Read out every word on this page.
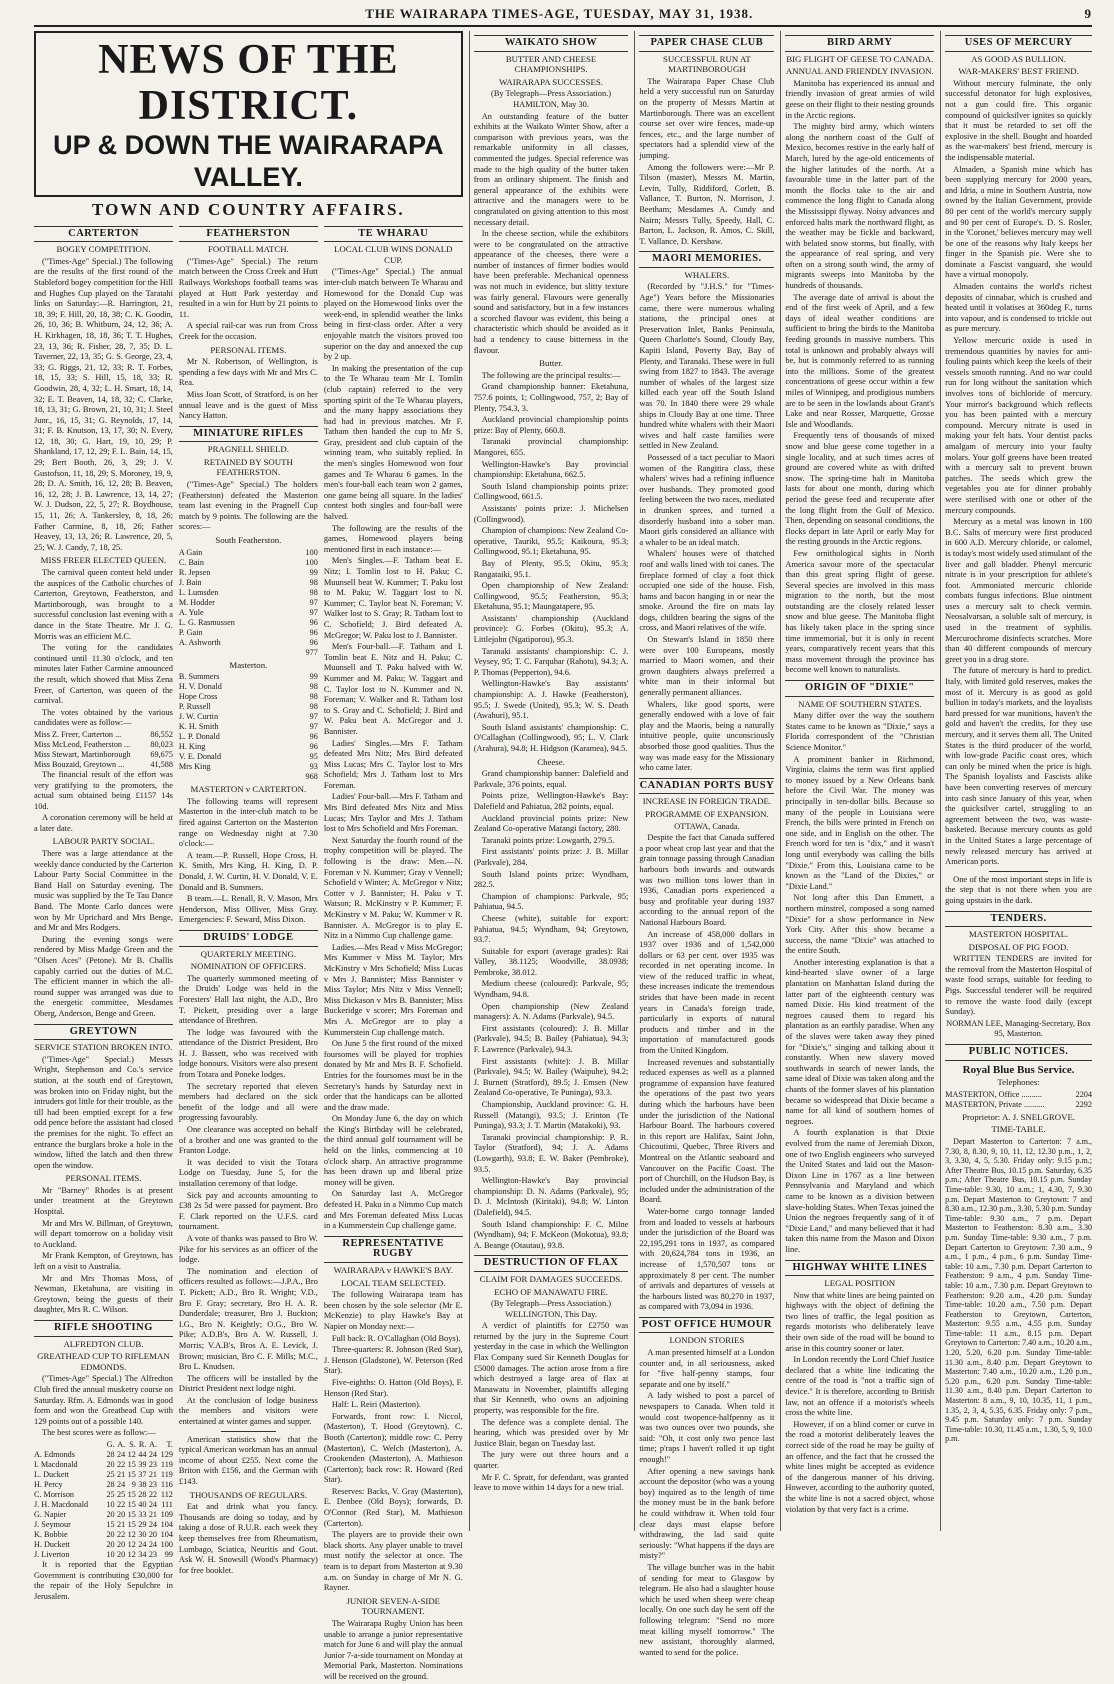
THE WAIRARAPA TIMES-AGE, TUESDAY, MAY 31, 1938.	9
NEWS OF THE DISTRICT.
UP & DOWN THE WAIRARAPA VALLEY.
TOWN AND COUNTRY AFFAIRS.
CARTERTON
BOGEY COMPETITION.

("Times-Age" Special.) The following are the results of the first round of the Stableford bogey competition for the Hill and Hughes Cup played on the Taratahi links on Saturday:—R. Harrington, 21, 18, 39; F. Hill, 20, 18, 38; C. K. Goodin, 26, 10, 36; B. Whitburn, 24, 12, 36; A. H. Kirkhagen, 18, 18, 36; T. T. Hughes, 23, 13, 36; R. Fisher, 28, 7, 35; D. L. Taverner, 22, 13, 35; G. S. George, 23, 4, 33; G. Riggs, 21, 12, 33; R. T. Forbes, 18, 15, 33; S. Hill, 15, 18, 33; R. Goodwin, 28, 4, 32; L. H. Smart, 18, 14, 32; E. T. Beaven, 14, 18, 32; C. Clarke, 18, 13, 31; G. Brown, 21, 10, 31; J. Steel Junr., 16, 15, 31; G. Reynolds, 17, 14, 31; F. B. Knutson, 13, 17, 30; N. Every, 12, 18, 30; G. Hart, 19, 10, 29; P. Shankland, 17, 12, 29; F. L. Bain, 14, 15, 29; Bert Booth, 26, 3, 29; J. V. Gustofson, 11, 18, 29; S. Moroney, 19, 9, 28; D. A. Smith, 16, 12, 28; B. Beaven, 16, 12, 28; J. B. Lawrence, 13, 14, 27; W. J. Dudson, 22, 5, 27; R. Boydhouse, 15, 11, 26; A. Tankersley, 8, 18, 26; Father Carmine, 8, 18, 26; Father Heavey, 13, 13, 26; R. Lawrence, 20, 5, 25; W. J. Candy, 7, 18, 25.

MISS FREER ELECTED QUEEN.

The carnival queen contest held under the auspices of the Catholic churches of Carterton, Greytown, Featherston, and Martinborough, was brought to a successful conclusion last evening with a dance in the State Theatre. Mr J. G. Morris was an efficient M.C.

The voting for the candidates continued until 11.30 o'clock, and ten minutes later Father Carmine announced the result, which showed that Miss Zena Freer, of Carterton, was queen of the carnival.

The votes obtained by the various candidates were as follow:—

Miss Z. Freer, Carterton ...	86,552
Miss McLeod, Featherston ...	80,023
Miss Stewart, Martinborough	69,675
Miss Bouzaid, Greytown ...	41,588

The financial result of the effort was very gratifying to the promoters, the actual sum obtained being £1157 14s 10d.

A coronation ceremony will be held at a later date.

LABOUR PARTY SOCIAL.

There was a large attendance at the weekly dance conducted by the Carterton Labour Party Social Committee in the Band Hall on Saturday evening. The music was supplied by the Te Tau Dance Band. The Monte Carlo dances were won by Mr Uprichard and Mrs Benge, and Mr and Mrs Rodgers.

During the evening songs were rendered by Miss Madge Green and the "Olsen Aces" (Petone). Mr B. Challis capably carried out the duties of M.C. The efficient manner in which the all-round supper was arranged was due to the energetic committee, Mesdames Oberg, Anderson, Benge and Green.

GREYTOWN
SERVICE STATION BROKEN INTO.

("Times-Age" Special.) Messrs Wright, Stephenson and Co.'s service station, at the south end of Greytown, was broken into on Friday night, but the intruders got little for their trouble, as the till had been emptied except for a few odd pence before the assistant had closed the premises for the night. To effect an entrance the burglars broke a hole in the window, lifted the latch and then threw open the window.

PERSONAL ITEMS.

Mr "Barney" Rhodes is at present under treatment at the Greytown Hospital.

Mr and Mrs W. Billman, of Greytown, will depart tomorrow on a holiday visit to Auckland.

Mr Frank Kempton, of Greytown, has left on a visit to Australia.

Mr and Mrs Thomas Moss, of Newman, Eketahuna, are visiting in Greytown, being the guests of their daughter, Mrs R. C. Wilson.

RIFLE SHOOTING
ALFREDTON CLUB.
GREATHEAD CUP TO RIFLEMAN EDMONDS.

("Times-Age" Special.) The Alfredton Club fired the annual musketry course on Saturday. Rfm. A. Edmonds was in good form and won the Greathead Cup with 129 points out of a possible 140.

The best scores were as follow:—

	G.	A.	S.	R.	A.	T.
A. Edmonds	28	24	12	44	24	129
I. Macdonald	20	22	15	39	23	119
L. Duckett	25	21	15	37	21	119
H. Percy	28	24	9	38	23	116
C. Morrison	25	25	15	28	22	112
J. H. Macdonald	10	22	15	40	24	111
G. Napier	20	20	15	33	21	109
J. Seymour	15	21	15	29	24	104
K. Bobbie	20	22	12	30	20	104
H. Duckett	20	20	12	24	24	100
J. Liverton	10	20	12	34	23	99

It is reported that the Egyptian Government is contributing £30,000 for the repair of the Holy Sepulchre in Jerusalem.

FEATHERSTON
FOOTBALL MATCH.

("Times-Age" Special.) The return match between the Cross Creek and Hutt Railways Workshops football teams was played at Hutt Park yesterday and resulted in a win for Hutt by 21 points to 11.

A special rail-car was run from Cross Creek for the occasion.

PERSONAL ITEMS.

Mr N. Robertson, of Wellington, is spending a few days with Mr and Mrs C. Rea.

Miss Joan Scott, of Stratford, is on her annual leave and is the guest of Miss Nancy Hatton.

MINIATURE RIFLES
PRAGNELL SHIELD.
RETAINED BY SOUTH FEATHERSTON.

("Times-Age" Special.) The holders (Featherston) defeated the Masterton team last evening in the Pragnell Cup match by 9 points. The following are the scores:—

South Featherston.
A Gain	100
C. Bain	100
R. Jepsen	99
J. Bain	98
L. Lumsden	98
M. Hodder	97
A. Yule	97
L. G. Rasmussen	96
P. Gain	96
A. Ashworth	96
	977
Masterton.
B. Summers	99
H. V. Donald	98
Hope Cross	98
P. Russell	98
J. W. Curtin	97
K. H. Smith	97
L. P. Donald	96
H. King	96
V. E. Donald	95
Mrs King	93
	968
MASTERTON v CARTERTON.

The following teams will represent Masterton in the inter-club match to be fired against Carterton on the Masterton range on Wednesday night at 7.30 o'clock:—

A team.—P. Russell, Hope Cross, H. K. Smith, Mrs King, H. King, D. P. Donald, J. W. Curtin, H. V. Donald, V. E. Donald and B. Summers.

B team.—L. Renall, R. V. Mason, Mrs Henderson, Miss Olliver, Miss Gray. Emergencies: F. Seward, Miss Dixon.

DRUIDS' LODGE
QUARTERLY MEETING.
NOMINATION OF OFFICERS.

The quarterly summoned meeting of the Druids' Lodge was held in the Foresters' Hall last night, the A.D., Bro T. Pickett, presiding over a large attendance of Brethren.

The lodge was favoured with the attendance of the District President, Bro H. J. Bassett, who was received with lodge honours. Visitors were also present from Totara and Poneke lodges.

The secretary reported that eleven members had declared on the sick benefit of the lodge and all were progressing favourably.

One clearance was accepted on behalf of a brother and one was granted to the Franton Lodge.

It was decided to visit the Totara Lodge on Tuesday, June 5, for the installation ceremony of that lodge.

Sick pay and accounts amounting to £38 2s 5d were passed for payment. Bro F. Clark reported on the U.F.S. card tournament.

A vote of thanks was passed to Bro W. Pike for his services as an officer of the lodge.

The nomination and election of officers resulted as follows:—J.P.A., Bro T. Pickett; A.D., Bro R. Wright; V.D., Bro F. Gray; secretary, Bro H. A. R. Dunderdale; treasurer, Bro J. Buckton; I.G., Bro N. Keightly; O.G., Bro W. Pike; A.D.B's, Bro A. W. Russell, J. Morris; V.A.B's, Bros A. E. Levick, J. Brown; musician, Bro C. F. Mills; M.C., Bro L. Knudsen.

The officers will be installed by the District President next lodge night.

At the conclusion of lodge business the members and visitors were entertained at winter games and supper.

American statistics show that the typical American workman has an annual income of about £255. Next come the Briton with £156, and the German with £143.

THOUSANDS OF REGULARS.

Eat and drink what you fancy. Thousands are doing so today, and by taking a dose of R.U.R. each week they keep themselves free from Rheumatism, Lumbago, Sciatica, Neuritis and Gout. Ask W. H. Snowsill (Wood's Pharmacy) for free booklet.

TE WHARAU
LOCAL CLUB WINS DONALD CUP.

("Times-Age" Special.) The annual inter-club match between Te Wharau and Homewood for the Donald Cup was played on the Homewood links over the week-end, in splendid weather the links being in first-class order. After a very enjoyable match the visitors proved too superior on the day and annexed the cup by 2 up.

In making the presentation of the cup to the Te Wharau team Mr I. Tomlin (club captain) referred to the very sporting spirit of the Te Wharau players, and the many happy associations they had had in previous matches. Mr F. Tatham then handed the cup to Mr S. Gray, president and club captain of the winning team, who suitably replied. In the men's singles Homewood won four games and Te Wharau 6 games. In the men's four-ball each team won 2 games, one game being all square. In the ladies' contest both singles and four-ball were halved.

The following are the results of the games, Homewood players being mentioned first in each instance:—

Men's Singles.—F. Tatham beat E. Nitz; I. Tomlin lost to H. Paku; C. Muunsell beat W. Kummer; T. Paku lost to M. Paku; W. Taggart lost to N. Kummer; C. Taylor beat N. Foreman; V. Walker lost to S. Gray; R. Tatham lost to C. Schofield; J. Bird defeated A. McGregor; W. Paku lost to J. Bannister.

Men's Four-ball.—F. Tatham and I. Tomlin beat E. Nitz and H. Paku; C. Muunsell and T. Paku halved with W. Kummer and M. Paku; W. Taggart and C. Taylor lost to N. Kummer and N. Foreman; V. Walker and R. Tatham lost to S. Gray and C. Schofield; J. Bird and W. Paku beat A. McGregor and J. Bannister.

Ladies' Singles.—Mrs F. Tatham defeated Mrs Nitz; Mrs Bird defeated Miss Lucas; Mrs C. Taylor lost to Mrs Schofield; Mrs J. Tatham lost to Mrs Foreman.

Ladies' Four-ball.—Mrs F. Tatham and Mrs Bird defeated Mrs Nitz and Miss Lucas; Mrs Taylor and Mrs J. Tatham lost to Mrs Schofield and Mrs Foreman.

Next Saturday the fourth round of the trophy competition will be played. The following is the draw: Men.—N. Foreman v N. Kummer; Gray v Vennell; Schofield v Winter; A. McGregor v Nitz; Cotter v J. Bannister; H. Paku v T. Watson; R. McKinstry v P. Kummer; F. McKinstry v M. Paku; W. Kummer v R. Bannister. A. McGregor is to play E. Nitz in a Nimmo Cup challenge game.

Ladies.—Mrs Read v Miss McGregor; Mrs Kummer v Miss M. Taylor; Mrs McKinstry v Mrs Schofield; Miss Lucas v Mrs J. Bannister; Miss Bannister v Miss Taylor; Mrs Nitz v Miss Vennell; Miss Dickason v Mrs B. Bannister; Miss Buckeridge v scorer; Mrs Foreman and Mrs A. McGregor are to play a Kummerstein Cup challenge match.

On June 5 the first round of the mixed foursomes will be played for trophies donated by Mr and Mrs B. F. Schofield. Entries for the foursomes must be in the Secretary's hands by Saturday next in order that the handicaps can be allotted and the draw made.

On Monday June 6, the day on which the King's Birthday will be celebrated, the third annual golf tournament will be held on the links, commencing at 10 o'clock sharp. An attractive programme has been drawn up and liberal prize money will be given.

On Saturday last A. McGregor defeated H. Paku in a Nimmo Cup match and Mrs Foreman defeated Miss Lucas in a Kummerstein Cup challenge game.

REPRESENTATIVE RUGBY
WAIRARAPA v HAWKE'S BAY.
LOCAL TEAM SELECTED.

The following Wairarapa team has been chosen by the sole selector (Mr E. McKenzie) to play Hawke's Bay at Napier on Monday next:—

Full back: R. O'Callaghan (Old Boys).

Three-quarters: R. Johnson (Red Star), J. Henson (Gladstone), W. Peterson (Red Star).

Five-eighths: O. Hatton (Old Boys), F. Henson (Red Star).

Half: L. Reiri (Masterton).

Forwards, front row: I. Niccol, (Masterton), T. Hood (Greytown). C. Booth (Carterton); middle row: C. Perry (Masterton), C. Welch (Masterton), A. Crookenden (Masterton), A. Mathieson (Carterton); back row: R. Howard (Red Star).

Reserves: Backs, V. Gray (Masterton), E. Denbee (Old Boys); forwards, D. O'Connor (Red Star), M. Mathieson (Carterton).

The players are to provide their own black shorts. Any player unable to travel must notify the selector at once. The team is to depart from Masterton at 9.30 a.m. on Sunday in charge of Mr N. G. Rayner.

JUNIOR SEVEN-A-SIDE TOURNAMENT.

The Wairarapa Rugby Union has been unable to arrange a junior representative match for June 6 and will play the annual Junior 7-a-side tournament on Monday at Memorial Park, Masterton. Nominations will be received on the ground.

WAIKATO SHOW
BUTTER AND CHEESE CHAMPIONSHIPS.
WAIRARAPA SUCCESSES.

(By Telegraph—Press Association.) HAMILTON, May 30.

An outstanding feature of the butter exhibits at the Waikato Winter Show, after a comparison with previous years, was the remarkable uniformity in all classes, commented the judges. Special reference was made to the high quality of the butter taken from an ordinary shipment. The finish and general appearance of the exhibits were attractive and the managers were to be congratulated on giving attention to this most necessary detail.

In the cheese section, while the exhibitors were to be congratulated on the attractive appearance of the cheeses, there were a number of instances of firmer bodies would have been preferable. Mechanical openness was not much in evidence, but slitty texture was fairly general. Flavours were generally sound and satisfactory, but in a few instances a scorched flavour was evident, this being a characteristic which should be avoided as it had a tendency to cause bitterness in the flavour.

Butter.

The following are the principal results:—

Grand championship banner: Eketahuna, 757.6 points, 1; Collingwood, 757, 2; Bay of Plenty, 754.3, 3.

Auckland provincial championship points prize: Bay of Plenty, 660.8.

Taranaki provincial championship: Mangorei, 655.

Wellington-Hawke's Bay provincial championship: Eketahuna, 662.5.

South Island championship points prize: Collingwood, 661.5.

Assistants' points prize: J. Michelsen (Collingwood).

Champion of champions: New Zealand Co-operative, Tauriki, 95.5; Kaikoura, 95.3; Collingwood, 95.1; Eketahuna, 95.

Bay of Plenty, 95.5; Okitu, 95.3; Rangataiki, 95.1.

Open championship of New Zealand: Collingwood, 95.5; Featherston, 95.3; Eketahuna, 95.1; Maungatapere, 95.

Assistants' championship (Auckland province): G. Forbes (Okitu), 95.3; A. Littlejohn (Ngatiporou), 95.3.

Taranaki assistants' championship: C. J. Veysey, 95; T. C. Farquhar (Rahotu), 94.3; A. P. Thomas (Pepperton), 94.6.

Wellington-Hawke's Bay assistants' championship: A. J. Hawke (Featherston), 95.5; J. Swede (United), 95.3; W. S. Death (Awahuri), 95.1.

South Island assistants' championship: C. O'Callaghan (Collingwood), 95; L. V. Clark (Arahura), 94.8; H. Hidgson (Karamea), 94.5.

Cheese.

Grand championship banner: Dalefield and Parkvale, 376 points, equal.

Points prize, Wellington-Hawke's Bay: Dalefield and Pahiatua, 282 points, equal.

Auckland provincial points prize: New Zealand Co-operative Matangi factory, 280.

Taranaki points prize: Lowgarth, 279.5.

First assistants' points prize: J. B. Millar (Parkvale), 284.

South Island points prize: Wyndham, 282.5.

Champion of champions: Parkvale, 95; Pahiatua, 94.5.

Cheese (white), suitable for export: Pahiatua, 94.5; Wyndham, 94; Greytown, 93.7.

Suitable for export (average grades): Rai Valley, 38.1125; Woodville, 38.0938; Pembroke, 38.012.

Medium cheese (coloured): Parkvale, 95; Wyndham, 94.8.

Open championship (New Zealand managers): A. N. Adams (Parkvale), 94.5.

First assistants (coloured): J. B. Millar (Parkvale), 94.5; B. Bailey (Pahiatua), 94.3; F. Lawrence (Parkvale), 94.3.

First assistants (white): J. B. Millar (Parkvale), 94.5; W. Bailey (Waipuhe), 94.2; J. Burnett (Stratford), 89.5; J. Emsen (New Zealand Co-operative, Te Puninga), 93.3.

Championship, Auckland province: G. H. Russell (Matangi), 93.5; J. Erinton (Te Puninga), 93.3; J. T. Martin (Matakoki), 93.

Taranaki provincial championship: P. R. Taylor (Stratford), 94; J. A. Adams (Lowgarth), 93.8; E. W. Baker (Pembroke), 93.5.

Wellington-Hawke's Bay provincial championship: D. N. Adams (Parkvale), 95; D. J. McIntosh (Kiritaki), 94.8; W. Linton (Dalefield), 94.5.

South Island championship: F. C. Milne (Wyndham), 94; F. McKeon (Mokotua), 93.8; A. Beange (Otautau), 93.8.

DESTRUCTION OF FLAX
CLAIM FOR DAMAGES SUCCEEDS.
ECHO OF MANAWATU FIRE.

(By Telegraph—Press Association.) WELLINGTON, This Day.

A verdict of plaintiffs for £2750 was returned by the jury in the Supreme Court yesterday in the case in which the Wellington Flax Company sued Sir Kenneth Douglas for £5000 damages. The action arose from a fire which destroyed a large area of flax at Manawatu in November, plaintiffs alleging that Sir Kenneth, who owns an adjoining property, was responsible for the fire.

The defence was a complete denial. The hearing, which was presided over by Mr Justice Blair, began on Tuesday last.

The jury were out three hours and a quarter.

Mr F. C. Spratt, for defendant, was granted leave to move within 14 days for a new trial.

PAPER CHASE CLUB
SUCCESSFUL RUN AT MARTINBOROUGH

The Wairarapa Paper Chase Club held a very successful run on Saturday on the property of Messrs Martin at Martinborough. There was an excellent course set over wire fences, made-up fences, etc., and the large number of spectators had a splendid view of the jumping.

Among the followers were:—Mr P. Tilson (master), Messrs M. Martin, Levin, Tully, Riddiford, Corlett, B. Vallance, T. Burton, N. Morrison, J. Beetham; Mesdames A. Cundy and Nairn; Messrs Tully, Speedy, Hall, C. Barton, L. Jackson, R. Amos, C. Skill, T. Vallance, D. Kershaw.

MAORI MEMORIES.
WHALERS.

(Recorded by "J.H.S." for "Times-Age") Years before the Missionaries came, there were numerous whaling stations, the principal ones at Preservation Inlet, Banks Peninsula, Queen Charlotte's Sound, Cloudy Bay, Kapiti Island, Poverty Bay, Bay of Plenty, and Taranaki. These were in full swing from 1827 to 1843. The average number of whales of the largest size killed each year off the South Island was 70. In 1840 there were 29 whale ships in Cloudy Bay at one time. Three hundred white whalers with their Maori wives and half caste families were settled in New Zealand.

Possessed of a tact peculiar to Maori women of the Rangitira class, these whalers' wives had a refining influence over husbands. They promoted good feeling between the two races, mediated in drunken sprees, and turned a disorderly husband into a sober man. Maori girls considered an alliance with a whaler to be an ideal match.

Whalers' houses were of thatched roof and walls lined with toi canes. The fireplace formed of clay a foot thick occupied one side of the house. Fish, hams and bacon hanging in or near the smoke. Around the fire on mats lay dogs, children bearing the signs of the cross, and Maori relatives of the wife.

On Stewart's Island in 1850 there were over 100 Europeans, mostly married to Maori women, and their grown daughters always preferred a white man in their informal but generally permanent alliances.

Whalers, like good sports, were generally endowed with a love of fair play and the Maoris, being a naturally intuitive people, quite unconsciously absorbed those good qualities. Thus the way was made easy for the Missionary who came later.

CANADIAN PORTS BUSY
INCREASE IN FOREIGN TRADE.
PROGRAMME OF EXPANSION.

OTTAWA, Canada.

Despite the fact that Canada suffered a poor wheat crop last year and that the grain tonnage passing through Canadian harbours both inwards and outwards was two million tons lower than in 1936, Canadian ports experienced a busy and profitable year during 1937 according to the annual report of the National Harbours Board.

An increase of 458,000 dollars in 1937 over 1936 and of 1,542,000 dollars or 63 per cent. over 1935 was recorded in net operating income. In view of the reduced traffic in wheat, these increases indicate the tremendous strides that have been made in recent years in Canada's foreign trade, particularly in exports of natural products and timber and in the importation of manufactured goods from the United Kingdom.

Increased revenues and substantially reduced expenses as well as a planned programme of expansion have featured the operations of the past two years during which the harbours have been under the jurisdiction of the National Harbour Board. The harbours covered in this report are Halifax, Saint John, Chicoutimi, Quebec, Three Rivers and Montreal on the Atlantic seaboard and Vancouver on the Pacific Coast. The port of Churchill, on the Hudson Bay, is included under the administration of the Board.

Water-borne cargo tonnage landed from and loaded to vessels at harbours under the jurisdiction of the Board was 22,195,291 tons in 1937, as compared with 20,624,784 tons in 1936, an increase of 1,570,507 tons or approximately 8 per cent. The number of arrivals and departures of vessels at the harbours listed was 80,270 in 1937, as compared with 73,094 in 1936.

POST OFFICE HUMOUR
LONDON STORIES

A man presented himself at a London counter and, in all seriousness, asked for "five half-penny stamps, four separate and one by itself."

A lady wished to post a parcel of newspapers to Canada. When told it would cost twopence-halfpenny as it was two ounces over two pounds, she said: "Oh, it cost only two pence last time; p'raps I haven't rolled it up tight enough!"

After opening a new savings bank account the depositor (who was a young boy) inquired as to the length of time the money must be in the bank before he could withdraw it. When told four clear days must elapse before withdrawing, the lad said quite seriously: "What happens if the days are misty?"

The village butcher was in the habit of sending for meat to Glasgow by telegram. He also had a slaughter house which he used when sheep were cheap locally. On one such day he sent off the following telegram: "Send no more meat killing myself tomorrow." The new assistant, thoroughly alarmed, wanted to send for the police.

BIRD ARMY
BIG FLIGHT OF GEESE TO CANADA.
ANNUAL AND FRIENDLY INVASION.

Manitoba has experienced its annual and friendly invasion of great armies of wild geese on their flight to their nesting grounds in the Arctic regions.

The mighty bird army, which winters along the northern coast of the Gulf of Mexico, becomes restive in the early half of March, lured by the age-old enticements of the higher latitudes of the north. At a favourable time in the latter part of the month the flocks take to the air and commence the long flight to Canada along the Mississippi flyway. Noisy advances and enforced halts mark the northward flight, as the weather may be fickle and backward, with belated snow storms, but finally, with the appearance of real spring, and very often on a strong south wind, the army of migrants sweeps into Manitoba by the hundreds of thousands.

The average date of arrival is about the end of the first week of April, and a few days of ideal weather conditions are sufficient to bring the birds to the Manitoba feeding grounds in massive numbers. This total is unknown and probably always will be, but is commonly referred to as running into the millions. Some of the greatest concentrations of geese occur within a few miles of Winnipeg, and prodigious numbers are to be seen in the lowlands about Grant's Lake and near Rosser, Marquette, Grosse Isle and Woodlands.

Frequently tens of thousands of mixed snow and blue geese come together in a single locality, and at such times acres of ground are covered white as with drifted snow. The spring-time halt in Manitoba lasts for about one month, during which period the geese feed and recuperate after the long flight from the Gulf of Mexico. Then, depending on seasonal conditions, the flocks depart in late April or early May for the resting grounds in the Arctic regions.

Few ornithological sights in North America savour more of the spectacular than this great spring flight of geese. Several species are involved in this mass migration to the north, but the most outstanding are the closely related lesser snow and blue geese. The Manitoba flight has likely taken place in the spring since time immemorial, but it is only in recent years, comparatively recent years that this mass movement through the province has become well known to naturalists.

ORIGIN OF "DIXIE"
NAME OF SOUTHERN STATES.

Many differ over the way the southern States came to be known as "Dixie," says a Florida correspondent of the "Christian Science Monitor."

A prominent banker in Richmond, Virginia, claims the term was first applied to money issued by a New Orleans bank before the Civil War. The money was principally in ten-dollar bills. Because so many of the people in Louisiana were French, the bills were printed in French on one side, and in English on the other. The French word for ten is "dix," and it wasn't long until everybody was calling the bills "Dixie." From this, Louisiana came to be known as the "Land of the Dixies," or "Dixie Land."

Not long after this Dan Emmett, a northern minstrel, composed a song named "Dixie" for a show performance in New York City. After this show became a success, the name "Dixie" was attached to the entire South.

Another interesting explanation is that a kind-hearted slave owner of a large plantation on Manhattan Island during the latter part of the eighteenth century was named Dixie. His kind treatment of the negroes caused them to regard his plantation as an earthly paradise. When any of the slaves were taken away they pined for "Dixie's," singing and talking about it constantly. When new slavery moved southwards in search of newer lands, the same ideal of Dixie was taken along and the chants of the former slaves of his plantation became so widespread that Dixie became a name for all kind of southern homes of negroes.

A fourth explanation is that Dixie evolved from the name of Jeremiah Dixon, one of two English engineers who surveyed the United States and laid out the Mason-Dixon Line in 1767 as a line between Pennsylvania and Maryland and which came to be known as a division between slave-holding States. When Texas joined the Union the negroes frequently sang of it of "Dixie Land," and many believed that it had taken this name from the Mason and Dixon line.

HIGHWAY WHITE LINES
LEGAL POSITION

Now that white lines are being painted on highways with the object of defining the two lines of traffic, the legal position as regards motorists who deliberately leave their own side of the road will be bound to arise in this country sooner or later.

In London recently the Lord Chief Justice declared that a white line indicating the centre of the road is "not a traffic sign of device." It is therefore, according to British law, not an offence if a motorist's wheels cross the white line.

However, if on a blind corner or curve in the road a motorist deliberately leaves the correct side of the road he may be guilty of an offence, and the fact that he crossed the white lines might be accepted as evidence of the dangerous manner of his driving. However, according to the authority quoted, the white line is not a sacred object, whose violation by that very fact is a crime.

USES OF MERCURY
AS GOOD AS BULLION.
WAR-MAKERS' BEST FRIEND.

Without mercury fulminate, the only successful detonator for high explosives, not a gun could fire. This organic compound of quicksilver ignites so quickly that it must be retarded to set off the explosive in the shell. Bought and hoarded as the war-makers' best friend, mercury is the indispensable material.

Almaden, a Spanish mine which has been supplying mercury for 2000 years, and Idria, a mine in Southern Austria, now owned by the Italian Government, provide 80 per cent of the world's mercury supply and 90 per cent of Europe's. D. S. Rosler, in the 'Coronet,' believes mercury may well be one of the reasons why Italy keeps her finger in the Spanish pie. Were she to dominate a Fascist vanguard, she would have a virtual monopoly.

Almaden contains the world's richest deposits of cinnabar, which is crushed and heated until it volatises at 360deg F., turns into vapour, and is condensed to trickle out as pure mercury.

Yellow mercuric oxide is used in tremendous quantities by navies for anti-fouling paints which keep the keels of their vessels smooth running. And no war could run for long without the sanitation which involves tons of bichloride of mercury. Your mirror's background which reflects you has been painted with a mercury compound. Mercury nitrate is used in making your felt hats. Your dentist packs amalgam of mercury into your faulty molars. Your golf greens have been treated with a mercury salt to prevent brown patches. The seeds which grew the vegetables you ate for dinner probably were sterilised with one or other of the mercury compounds.

Mercury as a metal was known in 100 B.C. Salts of mercury were first produced in 600 A.D. Mercury chloride, or calomel, is today's most widely used stimulant of the liver and gall bladder. Phenyl mercuric nitrate is in your prescription for athlete's foot. Ammoniated mercuric chloride combats fungus infections. Blue ointment uses a mercury salt to check vermin. Neosalvarsan, a soluble salt of mercury, is used in the treatment of syphilis. Mercurochrome disinfects scratches. More than 40 different compounds of mercury greet you in a drug store.

The future of mercury is hard to predict. Italy, with limited gold reserves, makes the most of it. Mercury is as good as gold bullion in today's markets, and the loyalists hard pressed for war munitions, haven't the gold and haven't the credits, for they use mercury, and it serves them all. The United States is the third producer of the world, with low-grade Pacific coast ores, which can only be mined when the price is high. The Spanish loyalists and Fascists alike have been converting reserves of mercury into cash since January of this year, when the quicksilver cartel, struggling to an agreement between the two, was waste-basketed. Because mercury counts as gold in the United States a large percentage of newly released mercury has arrived at American ports.

One of the most important steps in life is the step that is not there when you are going upstairs in the dark.

TENDERS.
MASTERTON HOSPITAL.
DISPOSAL OF PIG FOOD.

WRITTEN TENDERS are invited for the removal from the Masterton Hospital of waste food scraps, suitable for feeding to Pigs. Successful tenderer will be required to remove the waste food daily (except Sunday).

NORMAN LEE, Managing-Secretary, Box 95, Masterton.

PUBLIC NOTICES.
Royal Blue Bus Service.
Telephones:
MASTERTON, Office ..........	2204
MASTERTON, Private ..........	2292
Proprietor: A. J. SNELGROVE.
TIME-TABLE.

Depart Masterton to Carterton: 7 a.m., 7.30, 8, 8.30, 9, 10, 11, 12, 12.30 p.m., 1, 2, 3, 3.30, 4, 5, 5.30. Friday only: 9.15 p.m.; After Theatre Bus, 10.15 p.m. Saturday, 6.35 p.m.; After Theatre Bus, 10.15 p.m. Sunday Time-table: 9.30, 10 a.m.; 1, 4.30, 7, 9.30 p.m. Depart Masterton to Greytown: 7 and 8.30 a.m., 12.30 p.m., 3.30, 5.30 p.m. Sunday Time-table: 9.30 a.m., 7 p.m. Depart Masterton to Featherston: 8.30 a.m., 3.30 p.m. Sunday Time-table: 9.30 a.m., 7 p.m. Depart Carterton to Greytown: 7.30 a.m., 9 a.m., 1 p.m., 4 p.m., 6 p.m. Sunday Time-table: 10 a.m., 7.30 p.m. Depart Carterton to Featherston: 9 a.m., 4 p.m. Sunday Time-table: 10 a.m., 7.30 p.m. Depart Greytown to Featherston: 9.20 a.m., 4.20 p.m. Sunday Time-table: 10.20 a.m., 7.50 p.m. Depart Featherston to Greytown, Carterton, Masterton: 9.55 a.m., 4.55 p.m. Sunday Time-table: 11 a.m., 8.15 p.m. Depart Greytown to Carterton: 7.40 a.m., 10.20 a.m., 1.20, 5.20, 6.20 p.m. Sunday Time-table: 11.30 a.m., 8.40 p.m. Depart Greytown to Masterton: 7.40 a.m., 10.20 a.m., 1.20 p.m., 5.20 p.m., 6.20 p.m. Sunday Time-table: 11.30 a.m., 8.40 p.m. Depart Carterton to Masterton: 8 a.m., 9, 10, 10.35, 11, 1 p.m., 1.35, 2, 3, 4, 5.35, 6.35. Friday only: 7 p.m., 9.45 p.m. Saturday only: 7 p.m. Sunday Time-table: 10.30, 11.45 a.m., 1.30, 5, 9, 10.0 p.m.
